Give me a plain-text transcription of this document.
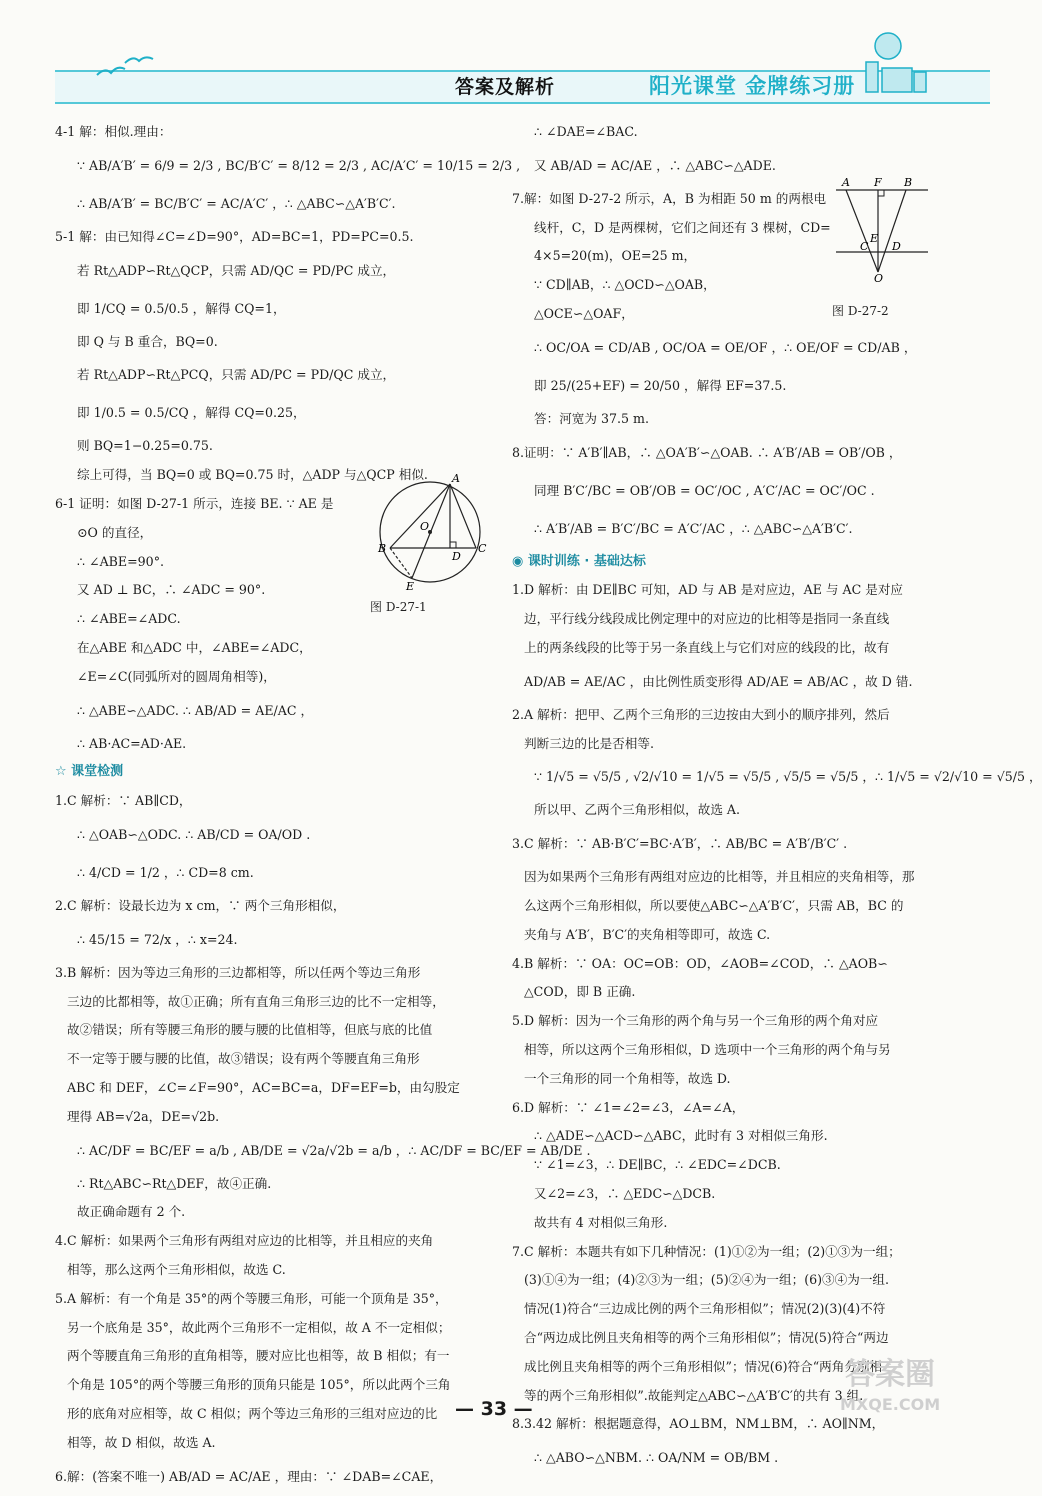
答案及解析	阳光课堂 金牌练习册
4-1 解：相似.理由：
∵ AB/A′B′ = 6/9 = 2/3 , BC/B′C′ = 8/12 = 2/3 , AC/A′C′ = 10/15 = 2/3 ,
∴ AB/A′B′ = BC/B′C′ = AC/A′C′ ，∴ △ABC∽△A′B′C′.
5-1 解：由已知得∠C=∠D=90°，AD=BC=1，PD=PC=0.5.
若 Rt△ADP∽Rt△QCP，只需 AD/QC = PD/PC 成立，
即 1/CQ = 0.5/0.5 ，解得 CQ=1，
即 Q 与 B 重合，BQ=0.
若 Rt△ADP∽Rt△PCQ，只需 AD/PC = PD/QC 成立，
即 1/0.5 = 0.5/CQ ，解得 CQ=0.25，
则 BQ=1−0.25=0.75.
综上可得，当 BQ=0 或 BQ=0.75 时，△ADP 与△QCP 相似.
6-1 证明：如图 D-27-1 所示，连接 BE. ∵ AE 是
⊙O 的直径，
∴ ∠ABE=90°.
又 AD ⊥ BC，∴ ∠ADC = 90°.
∴ ∠ABE=∠ADC.
在△ABE 和△ADC 中，∠ABE=∠ADC，
∠E=∠C(同弧所对的圆周角相等)，
∴ △ABE∽△ADC. ∴ AB/AD = AE/AC ，
∴ AB·AC=AD·AE.
☆ 课堂检测
1.C 解析：∵ AB∥CD，
∴ △OAB∽△ODC. ∴ AB/CD = OA/OD .
∴ 4/CD = 1/2 ，∴ CD=8 cm.
2.C 解析：设最长边为 x cm，∵ 两个三角形相似，
∴ 45/15 = 72/x ，∴ x=24.
3.B 解析：因为等边三角形的三边都相等，所以任两个等边三角形
三边的比都相等，故①正确；所有直角三角形三边的比不一定相等，
故②错误；所有等腰三角形的腰与腰的比值相等，但底与底的比值
不一定等于腰与腰的比值，故③错误；设有两个等腰直角三角形
ABC 和 DEF，∠C=∠F=90°，AC=BC=a，DF=EF=b，由勾股定
理得 AB=√2a，DE=√2b.
∴ AC/DF = BC/EF = a/b , AB/DE = √2a/√2b = a/b ，∴ AC/DF = BC/EF = AB/DE .
∴ Rt△ABC∽Rt△DEF，故④正确.
故正确命题有 2 个.
4.C 解析：如果两个三角形有两组对应边的比相等，并且相应的夹角
相等，那么这两个三角形相似，故选 C.
5.A 解析：有一个角是 35°的两个等腰三角形，可能一个顶角是 35°，
另一个底角是 35°，故此两个三角形不一定相似，故 A 不一定相似；
两个等腰直角三角形的直角相等，腰对应比也相等，故 B 相似；有一
个角是 105°的两个等腰三角形的顶角只能是 105°，所以此两个三角
形的底角对应相等，故 C 相似；两个等边三角形的三组对应边的比
相等，故 D 相似，故选 A.
6.解：(答案不唯一) AB/AD = AC/AE ，理由：∵ ∠DAB=∠CAE，
∴ ∠DAE=∠BAC.
又 AB/AD = AC/AE ，∴ △ABC∽△ADE.
7.解：如图 D-27-2 所示，A，B 为相距 50 m 的两根电
线杆，C，D 是两棵树，它们之间还有 3 棵树，CD=
4×5=20(m)，OE=25 m，
∵ CD∥AB，∴ △OCD∽△OAB，
△OCE∽△OAF，
∴ OC/OA = CD/AB , OC/OA = OE/OF ，∴ OE/OF = CD/AB ，
即 25/(25+EF) = 20/50 ，解得 EF=37.5.
答：河宽为 37.5 m.
8.证明：∵ A′B′∥AB，∴ △OA′B′∽△OAB. ∴ A′B′/AB = OB′/OB ，
同理 B′C′/BC = OB′/OB = OC′/OC , A′C′/AC = OC′/OC .
∴ A′B′/AB = B′C′/BC = A′C′/AC ，∴ △ABC∽△A′B′C′.
◉ 课时训练 · 基础达标
1.D 解析：由 DE∥BC 可知，AD 与 AB 是对应边，AE 与 AC 是对应
边，平行线分线段成比例定理中的对应边的比相等是指同一条直线
上的两条线段的比等于另一条直线上与它们对应的线段的比，故有
AD/AB = AE/AC ，由比例性质变形得 AD/AE = AB/AC ，故 D 错.
2.A 解析：把甲、乙两个三角形的三边按由大到小的顺序排列，然后
判断三边的比是否相等.
∵ 1/√5 = √5/5 , √2/√10 = 1/√5 = √5/5 , √5/5 = √5/5 ，∴ 1/√5 = √2/√10 = √5/5 ，
所以甲、乙两个三角形相似，故选 A.
3.C 解析：∵ AB·B′C′=BC·A′B′，∴ AB/BC = A′B′/B′C′ .
因为如果两个三角形有两组对应边的比相等，并且相应的夹角相等，那
么这两个三角形相似，所以要使△ABC∽△A′B′C′，只需 AB，BC 的
夹角与 A′B′，B′C′的夹角相等即可，故选 C.
4.B 解析：∵ OA：OC=OB：OD，∠AOB=∠COD，∴ △AOB∽
△COD，即 B 正确.
5.D 解析：因为一个三角形的两个角与另一个三角形的两个角对应
相等，所以这两个三角形相似，D 选项中一个三角形的两个角与另
一个三角形的同一个角相等，故选 D.
6.D 解析：∵ ∠1=∠2=∠3，∠A=∠A，
∴ △ADE∽△ACD∽△ABC，此时有 3 对相似三角形.
∵ ∠1=∠3，∴ DE∥BC，∴ ∠EDC=∠DCB.
又∠2=∠3，∴ △EDC∽△DCB.
故共有 4 对相似三角形.
7.C 解析：本题共有如下几种情况：(1)①②为一组；(2)①③为一组；
(3)①④为一组；(4)②③为一组；(5)②④为一组；(6)③④为一组.
情况(1)符合“三边成比例的两个三角形相似”；情况(2)(3)(4)不符
合“两边成比例且夹角相等的两个三角形相似”；情况(5)符合“两边
成比例且夹角相等的两个三角形相似”；情况(6)符合“两角分别相
等的两个三角形相似”.故能判定△ABC∽△A′B′C′的共有 3 组.
8.3.42 解析：根据题意得，AO⊥BM，NM⊥BM，∴ AO∥NM，
∴ △ABO∽△NBM. ∴ OA/NM = OB/BM .
A
B	C
D
E
O
图 D-27-1
A F B
C
E
D
O
图 D-27-2
— 33 —
答案圈
MXQE.COM
